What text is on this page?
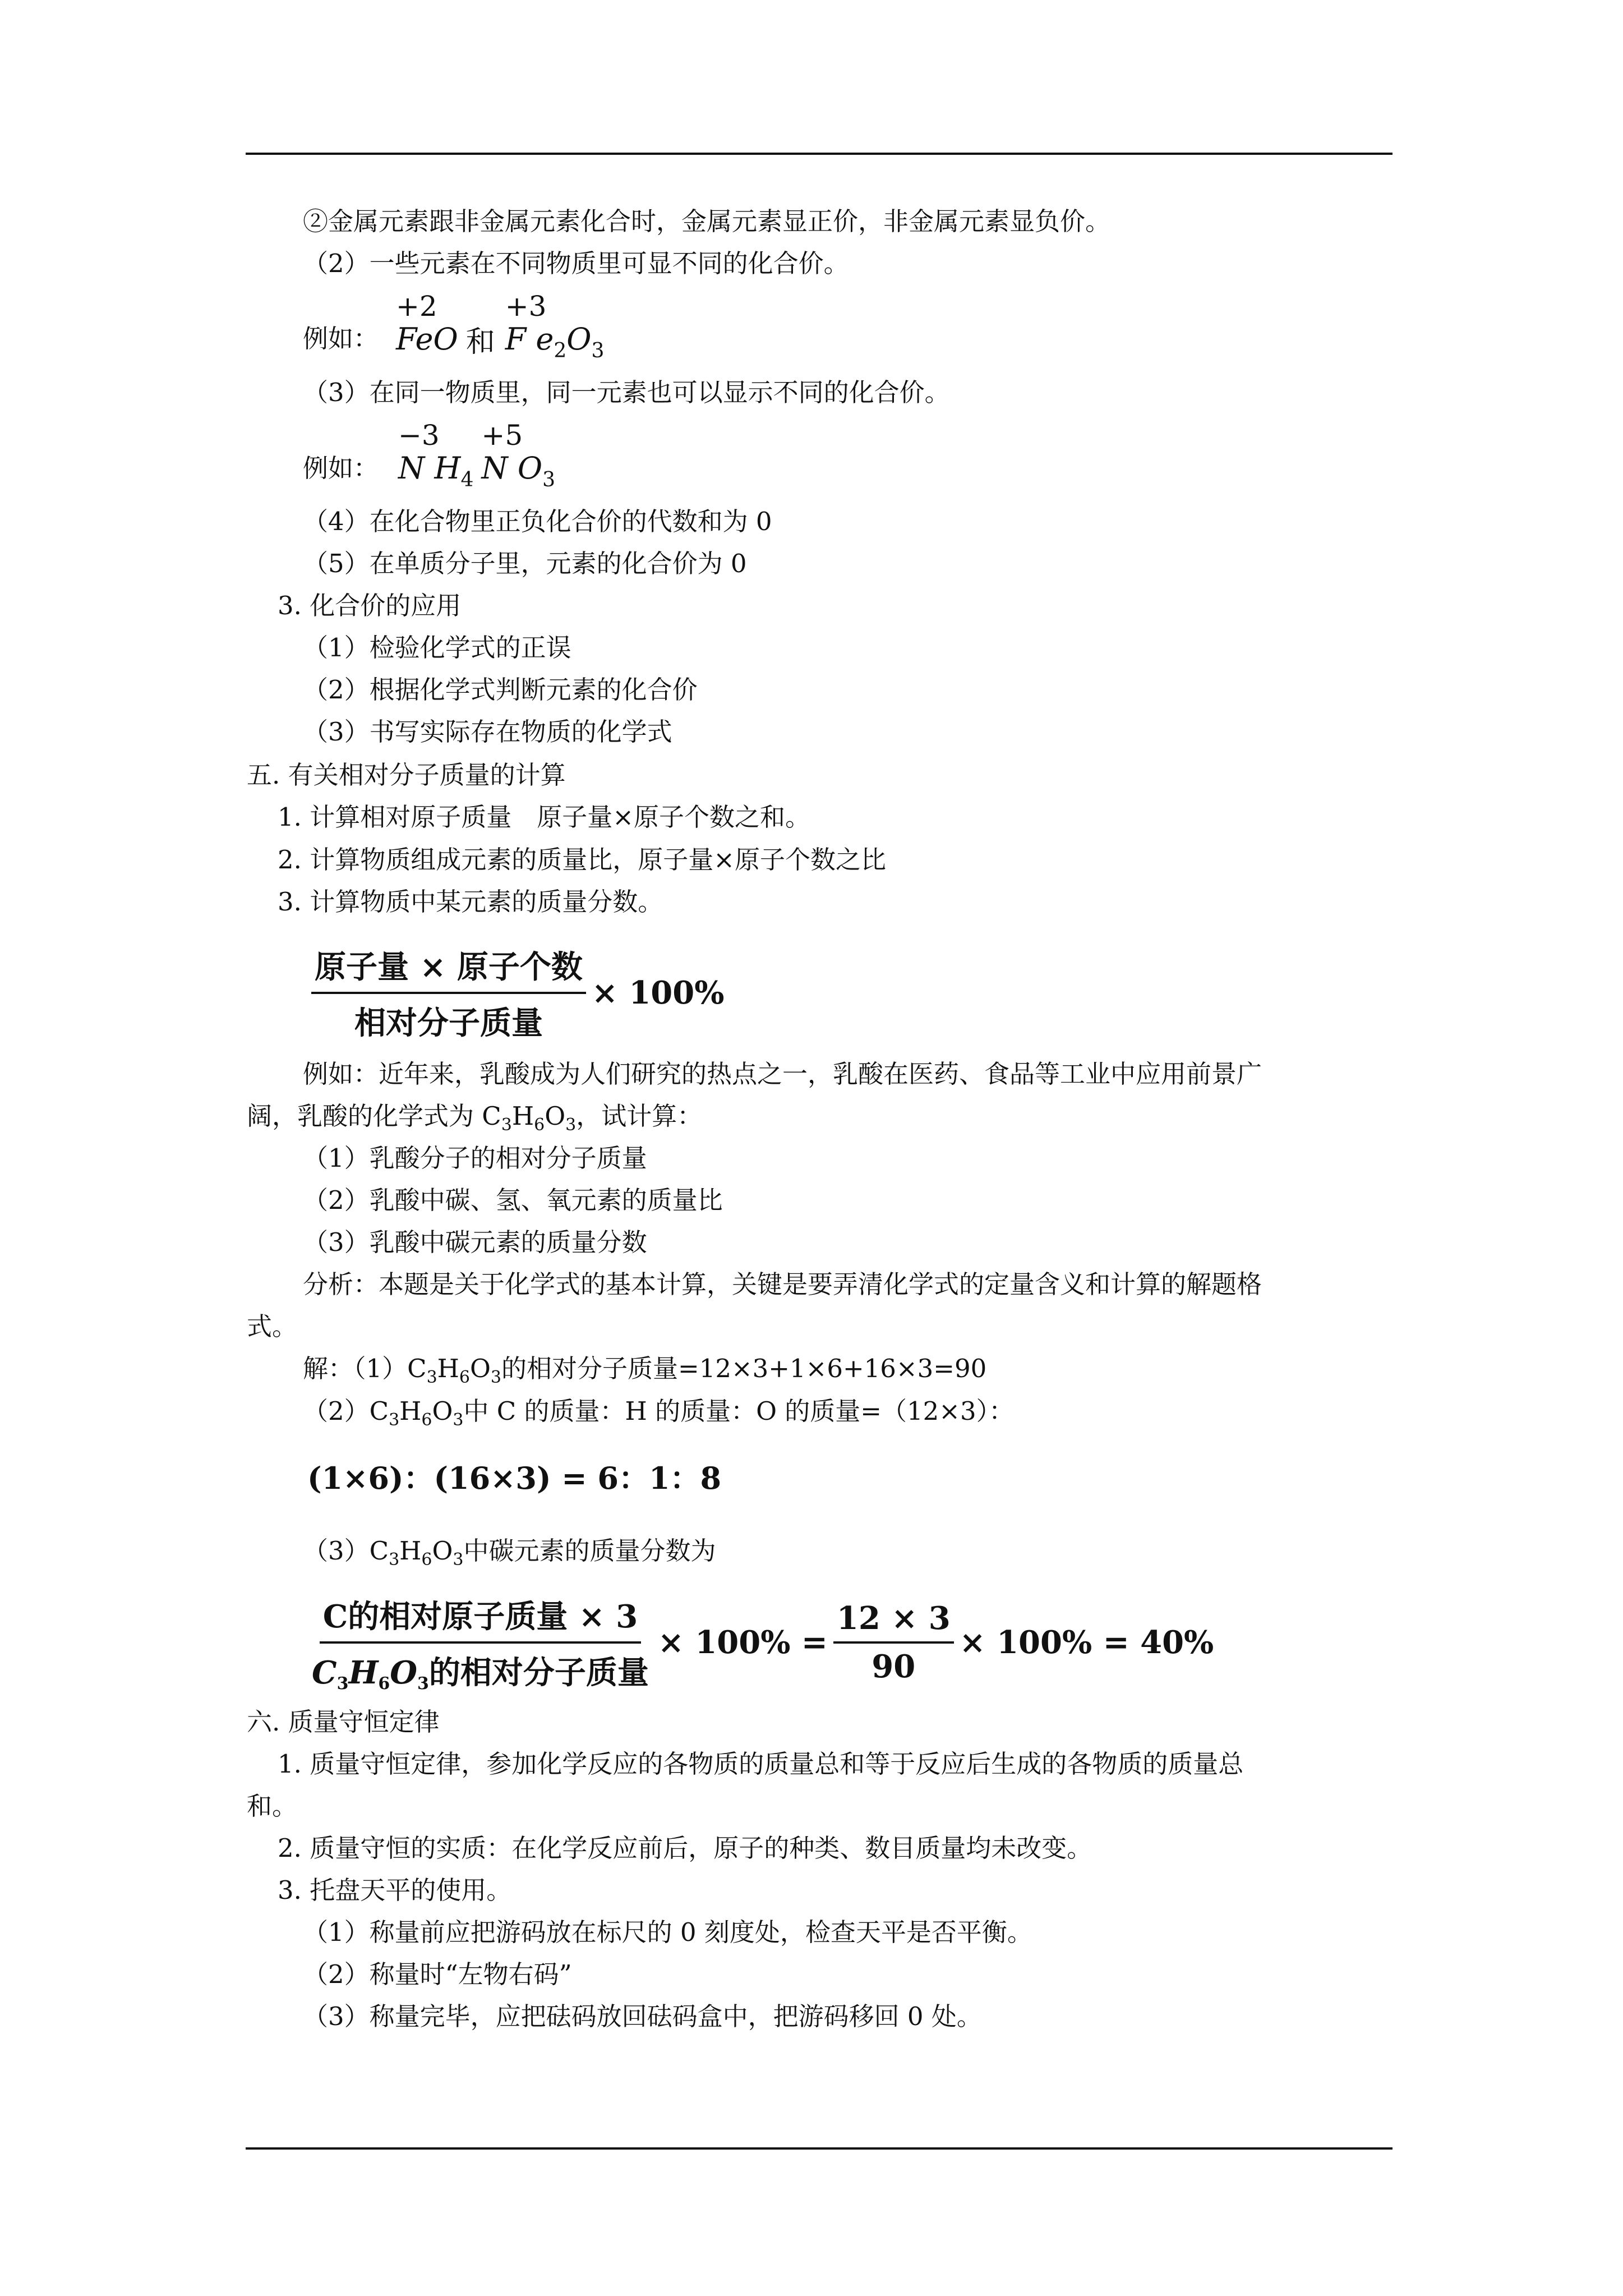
②金属元素跟非金属元素化合时，金属元素显正价，非金属元素显负价。
（2）一些元素在不同物质里可显不同的化合价。
例如：
+2
FeO 和
+3
F $e_2O_3$
（3）在同一物质里，同一元素也可以显示不同的化合价。
例如：
−3
N $H_4$
+5
N $O_3$
（4）在化合物里正负化合价的代数和为 0
（5）在单质分子里，元素的化合价为 0
3. 化合价的应用
（1）检验化学式的正误
（2）根据化学式判断元素的化合价
（3）书写实际存在物质的化学式
五. 有关相对分子质量的计算
1. 计算相对原子质量　原子量×原子个数之和。
2. 计算物质组成元素的质量比，原子量×原子个数之比
3. 计算物质中某元素的质量分数。
$\frac{\text{原子量 × 原子个数}}{\text{相对分子质量}} \times 100\%$
例如：近年来，乳酸成为人们研究的热点之一，乳酸在医药、食品等工业中应用前景广
阔，乳酸的化学式为 $C_3H_6O_3$，试计算：
（1）乳酸分子的相对分子质量
（2）乳酸中碳、氢、氧元素的质量比
（3）乳酸中碳元素的质量分数
分析：本题是关于化学式的基本计算，关键是要弄清化学式的定量含义和计算的解题格
式。
解：$(1)C_3H_6O_3$的相对分子质量=12×3+1×6+16×3=90
$(2)C_3H_6O_3$中 C 的质量：H 的质量：O 的质量=（12×3）：
(1×6)：(16×3) = 6：1：8
$(3)C_3H_6O_3$中碳元素的质量分数为
$\frac{\text{C的相对原子质量 × 3}}{C_3H_6O_3的相对分子质量} \times 100\% = \frac{12 \times 3}{90} \times 100\% = 40\%$
六. 质量守恒定律
1. 质量守恒定律，参加化学反应的各物质的质量总和等于反应后生成的各物质的质量总
和。
2. 质量守恒的实质：在化学反应前后，原子的种类、数目质量均未改变。
3. 托盘天平的使用。
（1）称量前应把游码放在标尺的 0 刻度处，检查天平是否平衡。
（2）称量时“左物右码”
（3）称量完毕，应把砝码放回砝码盒中，把游码移回 0 处。
